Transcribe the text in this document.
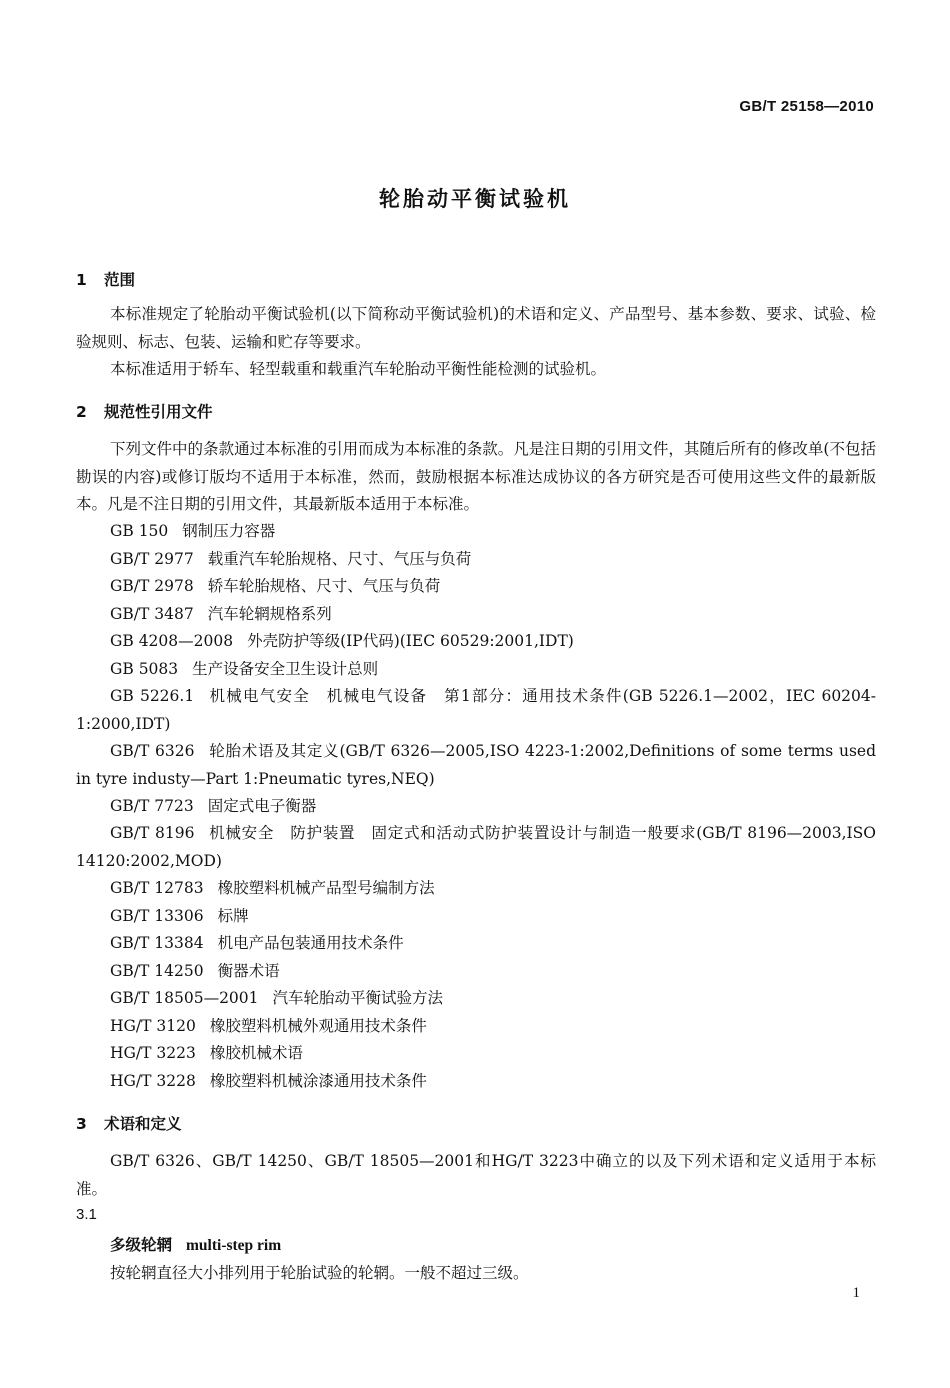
GB/T 25158—2010
轮胎动平衡试验机
1 范围
本标准规定了轮胎动平衡试验机(以下简称动平衡试验机)的术语和定义、产品型号、基本参数、要求、试验、检验规则、标志、包装、运输和贮存等要求。
本标准适用于轿车、轻型载重和载重汽车轮胎动平衡性能检测的试验机。
2 规范性引用文件
下列文件中的条款通过本标准的引用而成为本标准的条款。凡是注日期的引用文件，其随后所有的修改单(不包括勘误的内容)或修订版均不适用于本标准，然而，鼓励根据本标准达成协议的各方研究是否可使用这些文件的最新版本。凡是不注日期的引用文件，其最新版本适用于本标准。
GB 150 钢制压力容器
GB/T 2977 载重汽车轮胎规格、尺寸、气压与负荷
GB/T 2978 轿车轮胎规格、尺寸、气压与负荷
GB/T 3487 汽车轮辋规格系列
GB 4208—2008 外壳防护等级(IP代码)(IEC 60529:2001,IDT)
GB 5083 生产设备安全卫生设计总则
GB 5226.1 机械电气安全　机械电气设备　第1部分：通用技术条件(GB 5226.1—2002，IEC 60204-1:2000,IDT)
GB/T 6326 轮胎术语及其定义(GB/T 6326—2005,ISO 4223-1:2002,Definitions of some terms used in tyre industy—Part 1:Pneumatic tyres,NEQ)
GB/T 7723 固定式电子衡器
GB/T 8196 机械安全　防护装置　固定式和活动式防护装置设计与制造一般要求(GB/T 8196—2003,ISO 14120:2002,MOD)
GB/T 12783 橡胶塑料机械产品型号编制方法
GB/T 13306 标牌
GB/T 13384 机电产品包装通用技术条件
GB/T 14250 衡器术语
GB/T 18505—2001 汽车轮胎动平衡试验方法
HG/T 3120 橡胶塑料机械外观通用技术条件
HG/T 3223 橡胶机械术语
HG/T 3228 橡胶塑料机械涂漆通用技术条件
3 术语和定义
GB/T 6326、GB/T 14250、GB/T 18505—2001和HG/T 3223中确立的以及下列术语和定义适用于本标准。
3.1
多级轮辋 multi-step rim
按轮辋直径大小排列用于轮胎试验的轮辋。一般不超过三级。
1
